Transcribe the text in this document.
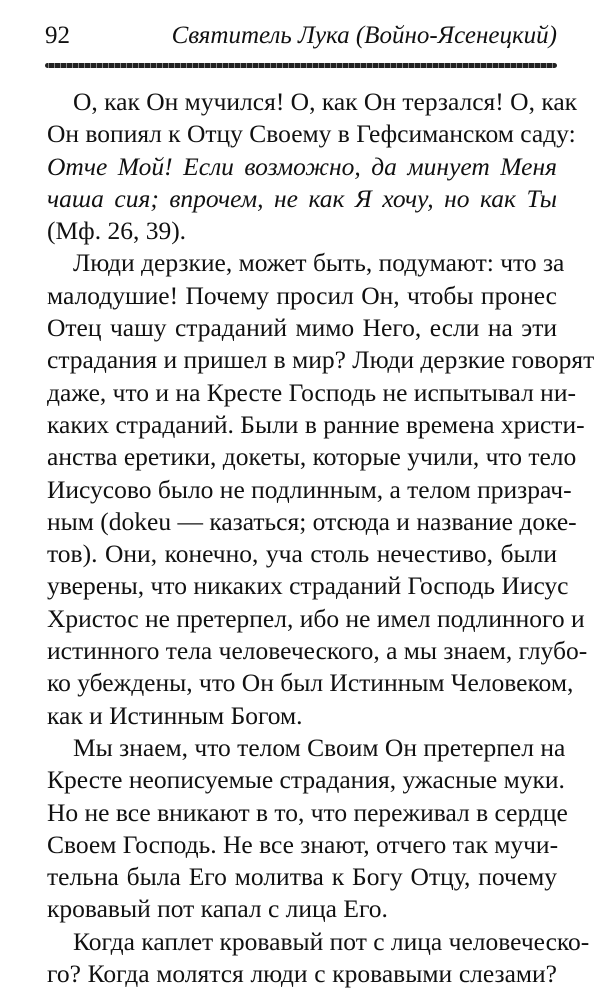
92	Святитель Лука (Войно-Ясенецкий)
О, как Он мучился! О, как Он терзался! О, как
Он вопиял к Отцу Своему в Гефсиманском саду:
Отче Мой! Если возможно, да минует Меня
чаша сия; впрочем, не как Я хочу, но как Ты
(Мф. 26, 39).
Люди дерзкие, может быть, подумают: что за
малодушие! Почему просил Он, чтобы пронес
Отец чашу страданий мимо Него, если на эти
страдания и пришел в мир? Люди дерзкие говорят
даже, что и на Кресте Господь не испытывал ни-
каких страданий. Были в ранние времена христи-
анства еретики, докеты, которые учили, что тело
Иисусово было не подлинным, а телом призрач-
ным (dokeu — казаться; отсюда и название доке-
тов). Они, конечно, уча столь нечестиво, были
уверены, что никаких страданий Господь Иисус
Христос не претерпел, ибо не имел подлинного и
истинного тела человеческого, а мы знаем, глубо-
ко убеждены, что Он был Истинным Человеком,
как и Истинным Богом.
Мы знаем, что телом Своим Он претерпел на
Кресте неописуемые страдания, ужасные муки.
Но не все вникают в то, что переживал в сердце
Своем Господь. Не все знают, отчего так мучи-
тельна была Его молитва к Богу Отцу, почему
кровавый пот капал с лица Его.
Когда каплет кровавый пот с лица человеческо-
го? Когда молятся люди с кровавыми слезами?
